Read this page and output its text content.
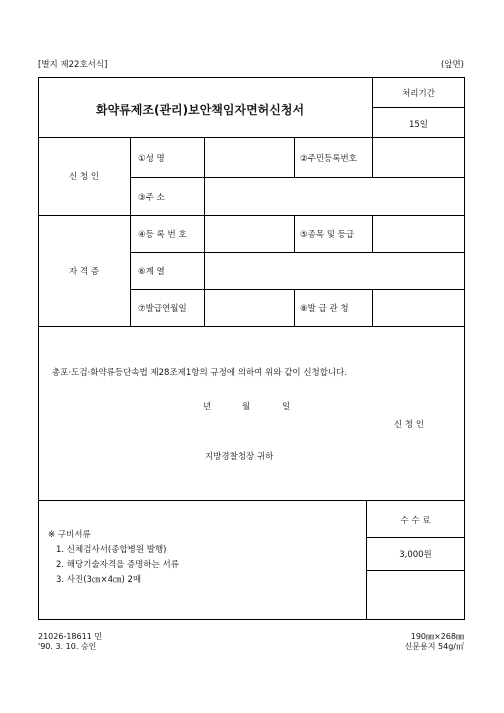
[별지 제22호서식]	(앞면)
화약류제조(관리)보안책임자면허신청서
처리기간
15일
신 청 인
①성 명	②주민등록번호
③주 소
자 격 증
④등 록 번 호	⑤종목 및 등급
⑥계 열
⑦발급연월일	⑧발 급 관 청
총포·도검·화약류등단속법 제28조제1항의 규정에 의하여 위와 같이 신청합니다.
년	월	일
신 청 인
지방경찰청장 귀하
※ 구비서류
1. 신체검사서(종합병원 발행)
2. 해당기술자격을 증명하는 서류
3. 사진(3㎝×4㎝) 2매
수 수 료
3,000원
21026-18611 민
'90. 3. 10. 승인
190㎜×268㎜
신문용지 54g/㎡
